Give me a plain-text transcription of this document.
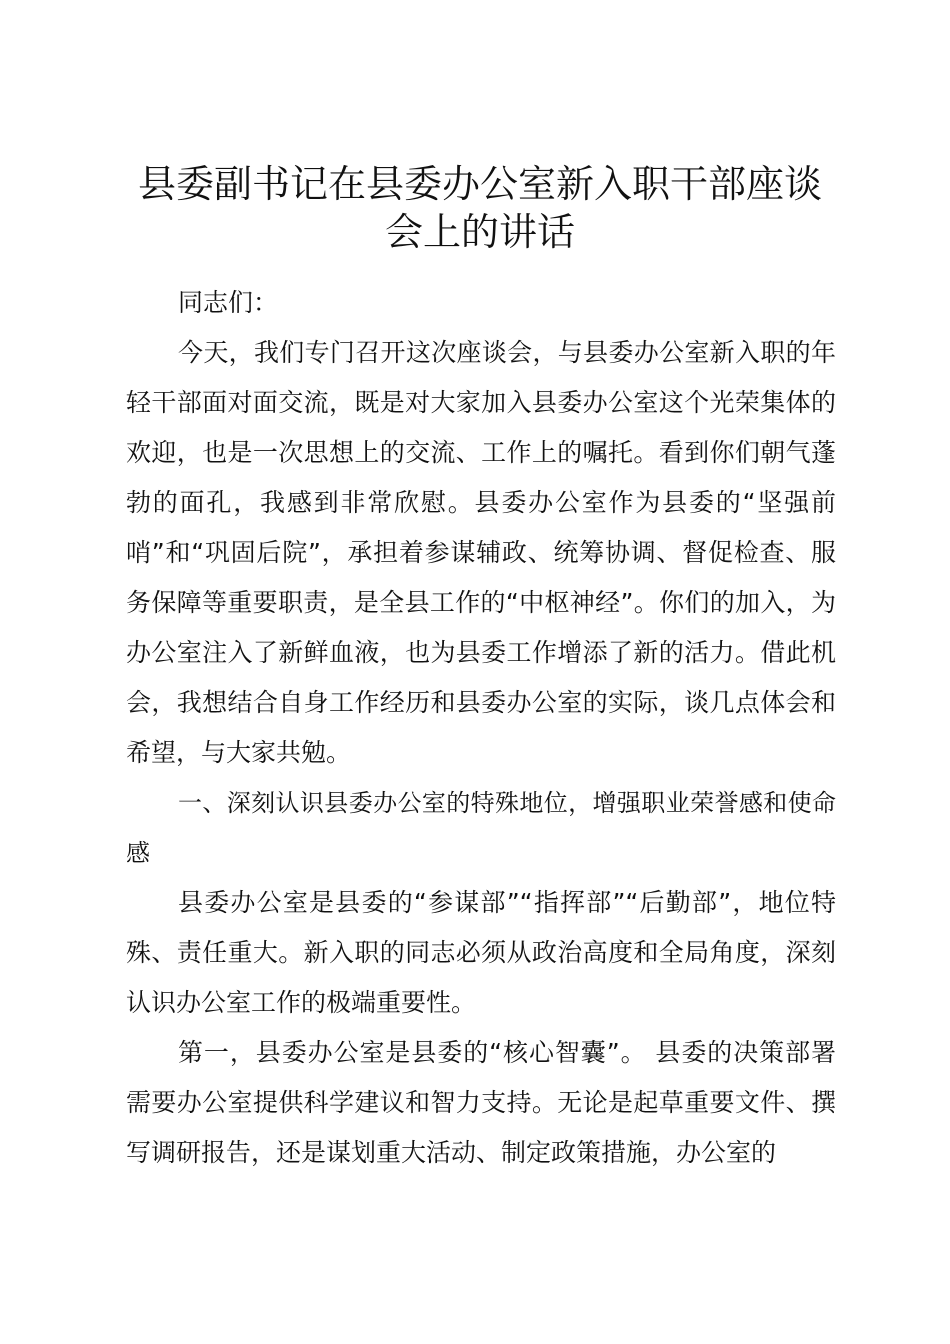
县委副书记在县委办公室新入职干部座谈会上的讲话

同志们：

今天，我们专门召开这次座谈会，与县委办公室新入职的年轻干部面对面交流，既是对大家加入县委办公室这个光荣集体的欢迎，也是一次思想上的交流、工作上的嘱托。看到你们朝气蓬勃的面孔，我感到非常欣慰。县委办公室作为县委的“坚强前哨”和“巩固后院”，承担着参谋辅政、统筹协调、督促检查、服务保障等重要职责，是全县工作的“中枢神经”。你们的加入，为办公室注入了新鲜血液，也为县委工作增添了新的活力。借此机会，我想结合自身工作经历和县委办公室的实际，谈几点体会和希望，与大家共勉。

一、深刻认识县委办公室的特殊地位，增强职业荣誉感和使命感

县委办公室是县委的“参谋部”“指挥部”“后勤部”，地位特殊、责任重大。新入职的同志必须从政治高度和全局角度，深刻认识办公室工作的极端重要性。

第一，县委办公室是县委的“核心智囊”。 县委的决策部署需要办公室提供科学建议和智力支持。无论是起草重要文件、撰写调研报告，还是谋划重大活动、制定政策措施，办公室的
